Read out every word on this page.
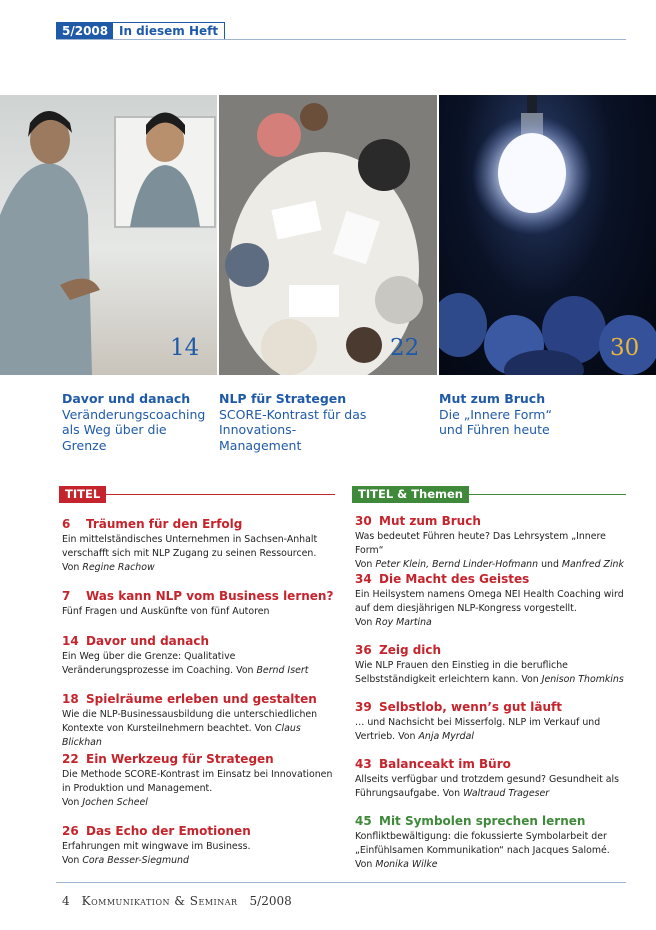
5/2008 In diesem Heft
14	22	30
Davor und danach
Veränderungscoaching als Weg über die Grenze
NLP für Strategen
SCORE-Kontrast für das Innovations-Management
Mut zum Bruch
Die „Innere Form“ und Führen heute
TITEL	TITEL & Themen
6 Träumen für den Erfolg
Ein mittelständisches Unternehmen in Sachsen-Anhalt verschafft sich mit NLP Zugang zu seinen Ressourcen.
Von Regine Rachow
7 Was kann NLP vom Business lernen?
Fünf Fragen und Auskünfte von fünf Autoren
14 Davor und danach
Ein Weg über die Grenze: Qualitative Veränderungsprozesse im Coaching. Von Bernd Isert
18 Spielräume erleben und gestalten
Wie die NLP-Businessausbildung die unterschiedlichen Kontexte von Kursteilnehmern beachtet. Von Claus Blickhan
22 Ein Werkzeug für Strategen
Die Methode SCORE-Kontrast im Einsatz bei Innovationen in Produktion und Management.
Von Jochen Scheel
26 Das Echo der Emotionen
Erfahrungen mit wingwave im Business.
Von Cora Besser-Siegmund
30 Mut zum Bruch
Was bedeutet Führen heute? Das Lehrsystem „Innere Form“
Von Peter Klein, Bernd Linder-Hofmann und Manfred Zink
34 Die Macht des Geistes
Ein Heilsystem namens Omega NEI Health Coaching wird auf dem diesjährigen NLP-Kongress vorgestellt.
Von Roy Martina
36 Zeig dich
Wie NLP Frauen den Einstieg in die berufliche Selbstständigkeit erleichtern kann. Von Jenison Thomkins
39 Selbstlob, wenn’s gut läuft
… und Nachsicht bei Misserfolg. NLP im Verkauf und Vertrieb. Von Anja Myrdal
43 Balanceakt im Büro
Allseits verfügbar und trotzdem gesund? Gesundheit als Führungsaufgabe. Von Waltraud Trageser
45 Mit Symbolen sprechen lernen
Konfliktbewältigung: die fokussierte Symbolarbeit der „Einfühlsamen Kommunikation“ nach Jacques Salomé.
Von Monika Wilke
4 Kommunikation & Seminar 5/2008
